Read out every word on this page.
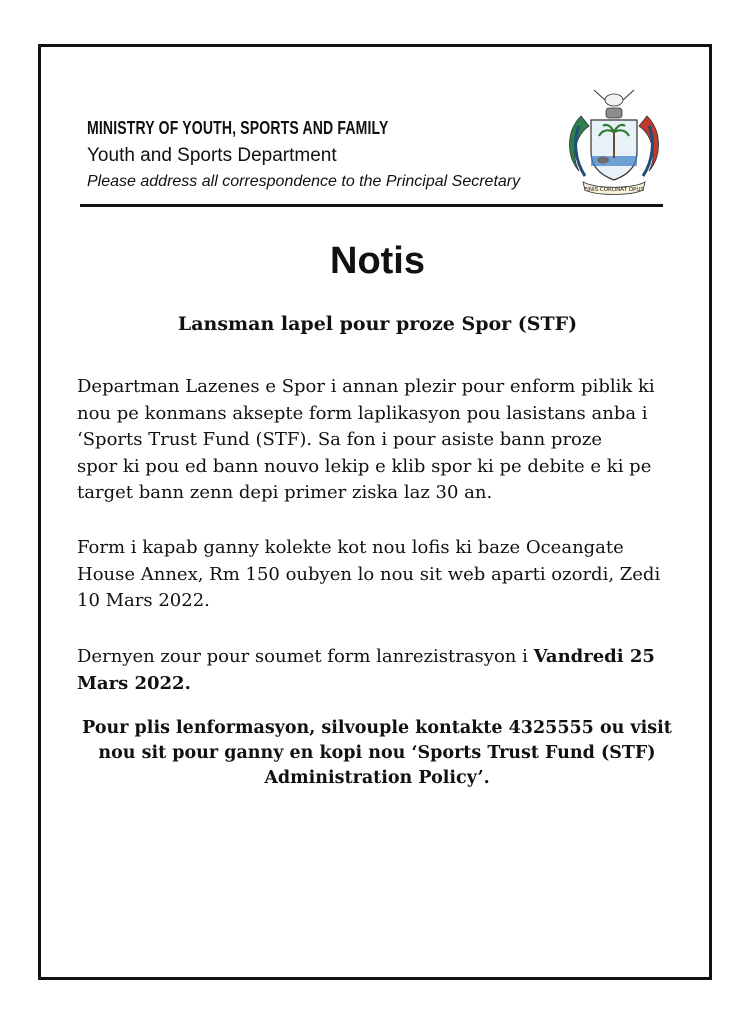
MINISTRY OF YOUTH, SPORTS AND FAMILY
Youth and Sports Department
Please address all correspondence to the Principal Secretary	FINIS CORONAT OPUS
Notis
Lansman lapel pour proze Spor (STF)
Departman Lazenes e Spor i annan plezir pour enform piblik ki
nou pe konmans aksepte form laplikasyon pou lasistans anba i
‘Sports Trust Fund (STF). Sa fon i pour asiste bann proze
spor ki pou ed bann nouvo lekip e klib spor ki pe debite e ki pe
target bann zenn depi primer ziska laz 30 an.
Form i kapab ganny kolekte kot nou lofis ki baze Oceangate
House Annex, Rm 150 oubyen lo nou sit web aparti ozordi, Zedi
10 Mars 2022.
Dernyen zour pour soumet form lanrezistrasyon i Vandredi 25
Mars 2022.
Pour plis lenformasyon, silvouple kontakte 4325555 ou visit
nou sit pour ganny en kopi nou ‘Sports Trust Fund (STF)
Administration Policy’.
